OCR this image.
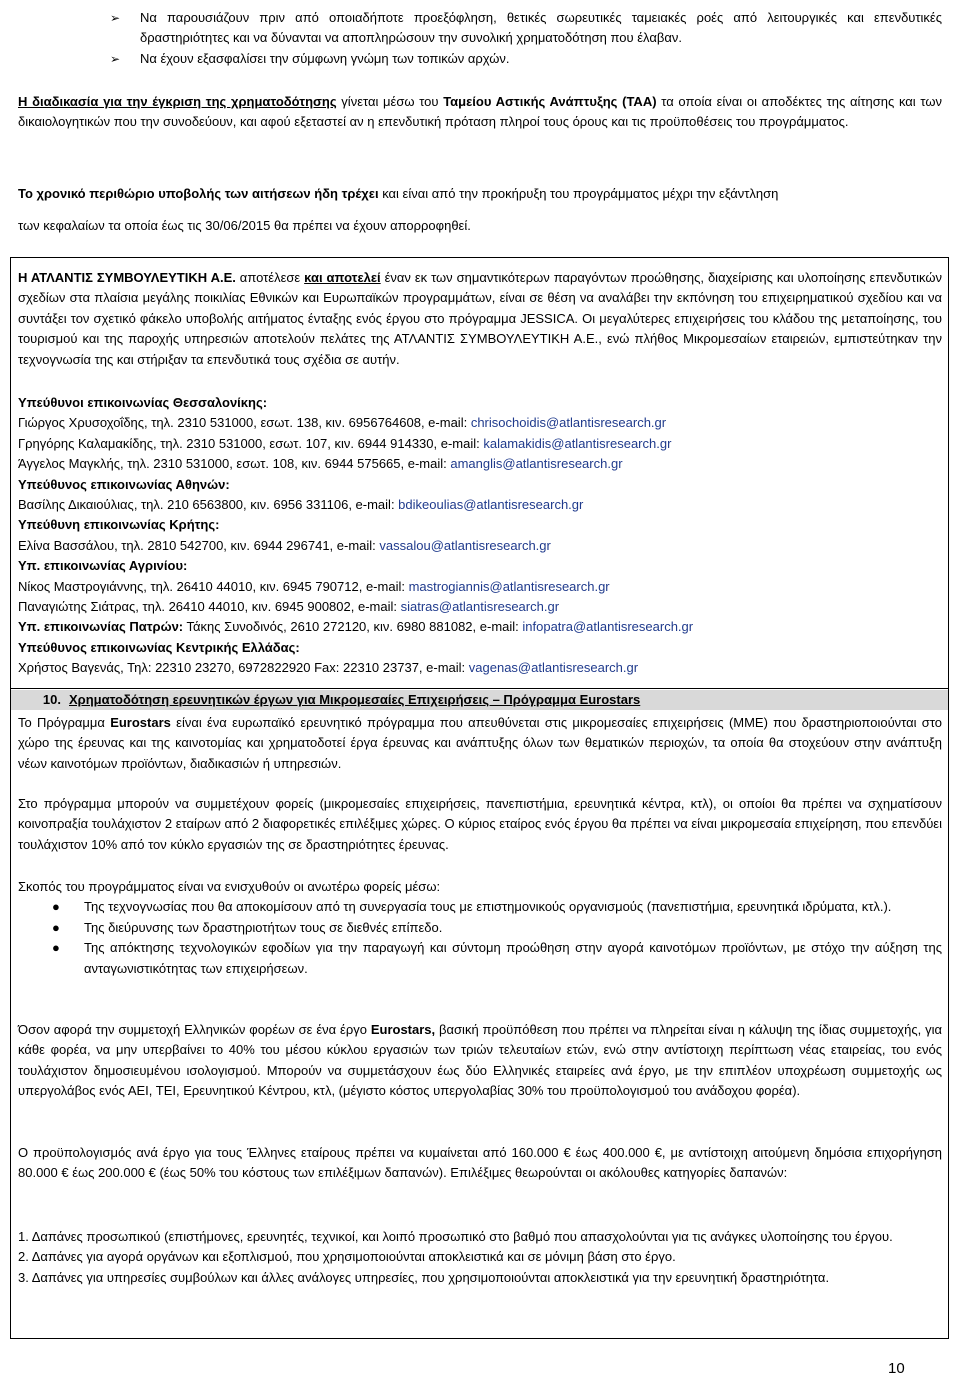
➢ Να παρουσιάζουν πριν από οποιαδήποτε προεξόφληση, θετικές σωρευτικές ταμειακές ροές από λειτουργικές και επενδυτικές δραστηριότητες και να δύνανται να αποπληρώσουν την συνολική χρηματοδότηση που έλαβαν.
➢ Να έχουν εξασφαλίσει την σύμφωνη γνώμη των τοπικών αρχών.
Η διαδικασία για την έγκριση της χρηματοδότησης γίνεται μέσω του Ταμείου Αστικής Ανάπτυξης (ΤΑΑ) τα οποία είναι οι αποδέκτες της αίτησης και των δικαιολογητικών που την συνοδεύουν, και αφού εξεταστεί αν η επενδυτική πρόταση πληροί τους όρους και τις προϋποθέσεις του προγράμματος.
Το χρονικό περιθώριο υποβολής των αιτήσεων ήδη τρέχει και είναι από την προκήρυξη του προγράμματος μέχρι την εξάντληση
των κεφαλαίων τα οποία έως τις 30/06/2015 θα πρέπει να έχουν απορροφηθεί.
Η ΑΤΛΑΝΤΙΣ ΣΥΜΒΟΥΛΕΥΤΙΚΗ Α.Ε. αποτέλεσε και αποτελεί έναν εκ των σημαντικότερων παραγόντων προώθησης, διαχείρισης και υλοποίησης επενδυτικών σχεδίων στα πλαίσια μεγάλης ποικιλίας Εθνικών και Ευρωπαϊκών προγραμμάτων, είναι σε θέση να αναλάβει την εκπόνηση του επιχειρηματικού σχεδίου και να συντάξει τον σχετικό φάκελο υποβολής αιτήματος ένταξης ενός έργου στο πρόγραμμα JESSICA. Οι μεγαλύτερες επιχειρήσεις του κλάδου της μεταποίησης, του τουρισμού και της παροχής υπηρεσιών αποτελούν πελάτες της ΑΤΛΑΝΤΙΣ ΣΥΜΒΟΥΛΕΥΤΙΚΗ Α.Ε., ενώ πλήθος Μικρομεσαίων εταιρειών, εμπιστεύτηκαν την τεχνογνωσία της και στήριξαν τα επενδυτικά τους σχέδια σε αυτήν.
Υπεύθυνοι επικοινωνίας Θεσσαλονίκης:
Γιώργος Χρυσοχοΐδης, τηλ. 2310 531000, εσωτ. 138, κιν. 6956764608, e-mail: chrisochoidis@atlantisresearch.gr
Γρηγόρης Καλαμακίδης, τηλ. 2310 531000, εσωτ. 107, κιν. 6944 914330, e-mail: kalamakidis@atlantisresearch.gr
Άγγελος Μαγκλής, τηλ. 2310 531000, εσωτ. 108, κιν. 6944 575665, e-mail: amanglis@atlantisresearch.gr
Υπεύθυνος επικοινωνίας Αθηνών:
Βασίλης Δικαιούλιας, τηλ. 210 6563800, κιν. 6956 331106, e-mail: bdikeoulias@atlantisresearch.gr
Υπεύθυνη επικοινωνίας Κρήτης:
Ελίνα Βασσάλου, τηλ. 2810 542700, κιν. 6944 296741, e-mail: vassalou@atlantisresearch.gr
Υπ. επικοινωνίας Αγρινίου:
Νίκος Μαστρογιάννης, τηλ. 26410 44010, κιν. 6945 790712, e-mail: mastrogiannis@atlantisresearch.gr
Παναγιώτης Σιάτρας, τηλ. 26410 44010, κιν. 6945 900802, e-mail: siatras@atlantisresearch.gr
Υπ. επικοινωνίας Πατρών: Τάκης Συνοδινός, 2610 272120, κιν. 6980 881082, e-mail: infopatra@atlantisresearch.gr
Υπεύθυνος επικοινωνίας Κεντρικής Ελλάδας:
Χρήστος Βαγενάς, Τηλ: 22310 23270, 6972822920 Fax: 22310 23737, e-mail: vagenas@atlantisresearch.gr
10. Χρηματοδότηση ερευνητικών έργων για Μικρομεσαίες Επιχειρήσεις – Πρόγραμμα Eurostars
Το Πρόγραμμα Eurostars είναι ένα ευρωπαϊκό ερευνητικό πρόγραμμα που απευθύνεται στις μικρομεσαίες επιχειρήσεις (ΜΜΕ) που δραστηριοποιούνται στο χώρο της έρευνας και της καινοτομίας και χρηματοδοτεί έργα έρευνας και ανάπτυξης όλων των θεματικών περιοχών, τα οποία θα στοχεύουν στην ανάπτυξη νέων καινοτόμων προϊόντων, διαδικασιών ή υπηρεσιών.
Στο πρόγραμμα μπορούν να συμμετέχουν φορείς (μικρομεσαίες επιχειρήσεις, πανεπιστήμια, ερευνητικά κέντρα, κτλ), οι οποίοι θα πρέπει να σχηματίσουν κοινοπραξία τουλάχιστον 2 εταίρων από 2 διαφορετικές επιλέξιμες χώρες. Ο κύριος εταίρος ενός έργου θα πρέπει να είναι μικρομεσαία επιχείρηση, που επενδύει τουλάχιστον 10% από τον κύκλο εργασιών της σε δραστηριότητες έρευνας.
Σκοπός του προγράμματος είναι να ενισχυθούν οι ανωτέρω φορείς μέσω:
● Της τεχνογνωσίας που θα αποκομίσουν από τη συνεργασία τους με επιστημονικούς οργανισμούς (πανεπιστήμια, ερευνητικά ιδρύματα, κτλ.).
● Της διεύρυνσης των δραστηριοτήτων τους σε διεθνές επίπεδο.
● Της απόκτησης τεχνολογικών εφοδίων για την παραγωγή και σύντομη προώθηση στην αγορά καινοτόμων προϊόντων, με στόχο την αύξηση της ανταγωνιστικότητας των επιχειρήσεων.
Όσον αφορά την συμμετοχή Ελληνικών φορέων σε ένα έργο Eurostars, βασική προϋπόθεση που πρέπει να πληρείται είναι η κάλυψη της ίδιας συμμετοχής, για κάθε φορέα, να μην υπερβαίνει το 40% του μέσου κύκλου εργασιών των τριών τελευταίων ετών, ενώ στην αντίστοιχη περίπτωση νέας εταιρείας, του ενός τουλάχιστον δημοσιευμένου ισολογισμού. Μπορούν να συμμετάσχουν έως δύο Ελληνικές εταιρείες ανά έργο, με την επιπλέον υποχρέωση συμμετοχής ως υπεργολάβος ενός ΑΕΙ, ΤΕΙ, Ερευνητικού Κέντρου, κτλ, (μέγιστο κόστος υπεργολαβίας 30% του προϋπολογισμού του ανάδοχου φορέα).
Ο προϋπολογισμός ανά έργο για τους Έλληνες εταίρους πρέπει να κυμαίνεται από 160.000 € έως 400.000 €, με αντίστοιχη αιτούμενη δημόσια επιχορήγηση 80.000 € έως 200.000 € (έως 50% του κόστους των επιλέξιμων δαπανών). Επιλέξιμες θεωρούνται οι ακόλουθες κατηγορίες δαπανών:
1. Δαπάνες προσωπικού (επιστήμονες, ερευνητές, τεχνικοί, και λοιπό προσωπικό στο βαθμό που απασχολούνται για τις ανάγκες υλοποίησης του έργου.
2. Δαπάνες για αγορά οργάνων και εξοπλισμού, που χρησιμοποιούνται αποκλειστικά και σε μόνιμη βάση στο έργο.
3. Δαπάνες για υπηρεσίες συμβούλων και άλλες ανάλογες υπηρεσίες, που χρησιμοποιούνται αποκλειστικά για την ερευνητική δραστηριότητα.
10
